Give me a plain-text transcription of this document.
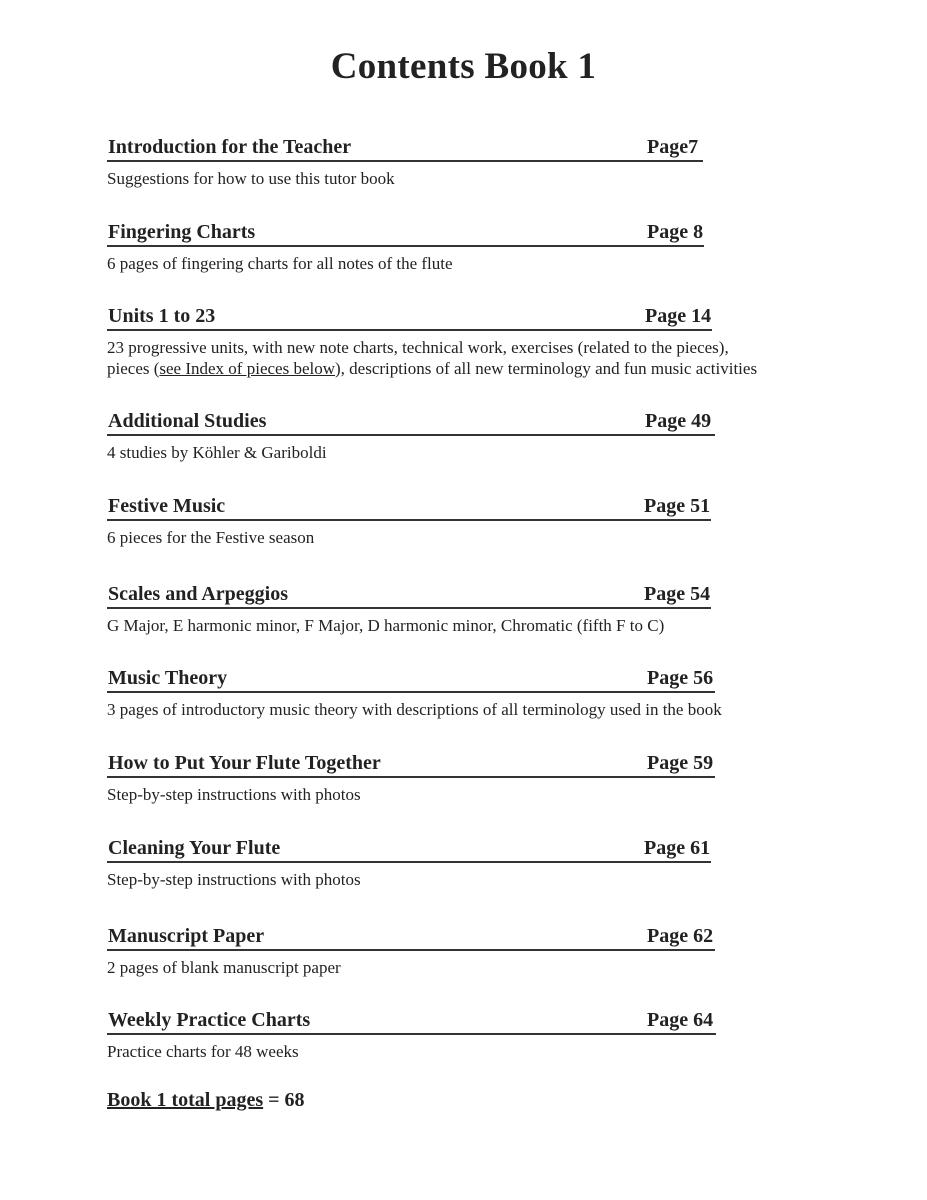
Contents Book 1
Introduction for the Teacher	Page7
Suggestions for how to use this tutor book
Fingering Charts	Page 8
6 pages of fingering charts for all notes of the flute
Units 1 to 23	Page 14
23 progressive units, with new note charts, technical work, exercises (related to the pieces),
pieces (see Index of pieces below), descriptions of all new terminology and fun music activities
Additional Studies	Page 49
4 studies by Köhler & Gariboldi
Festive Music	Page 51
6 pieces for the Festive season
Scales and Arpeggios	Page 54
G Major, E harmonic minor, F Major, D harmonic minor, Chromatic (fifth F to C)
Music Theory	Page 56
3 pages of introductory music theory with descriptions of all terminology used in the book
How to Put Your Flute Together	Page 59
Step-by-step instructions with photos
Cleaning Your Flute	Page 61
Step-by-step instructions with photos
Manuscript Paper	Page 62
2 pages of blank manuscript paper
Weekly Practice Charts	Page 64
Practice charts for 48 weeks
Book 1 total pages = 68
